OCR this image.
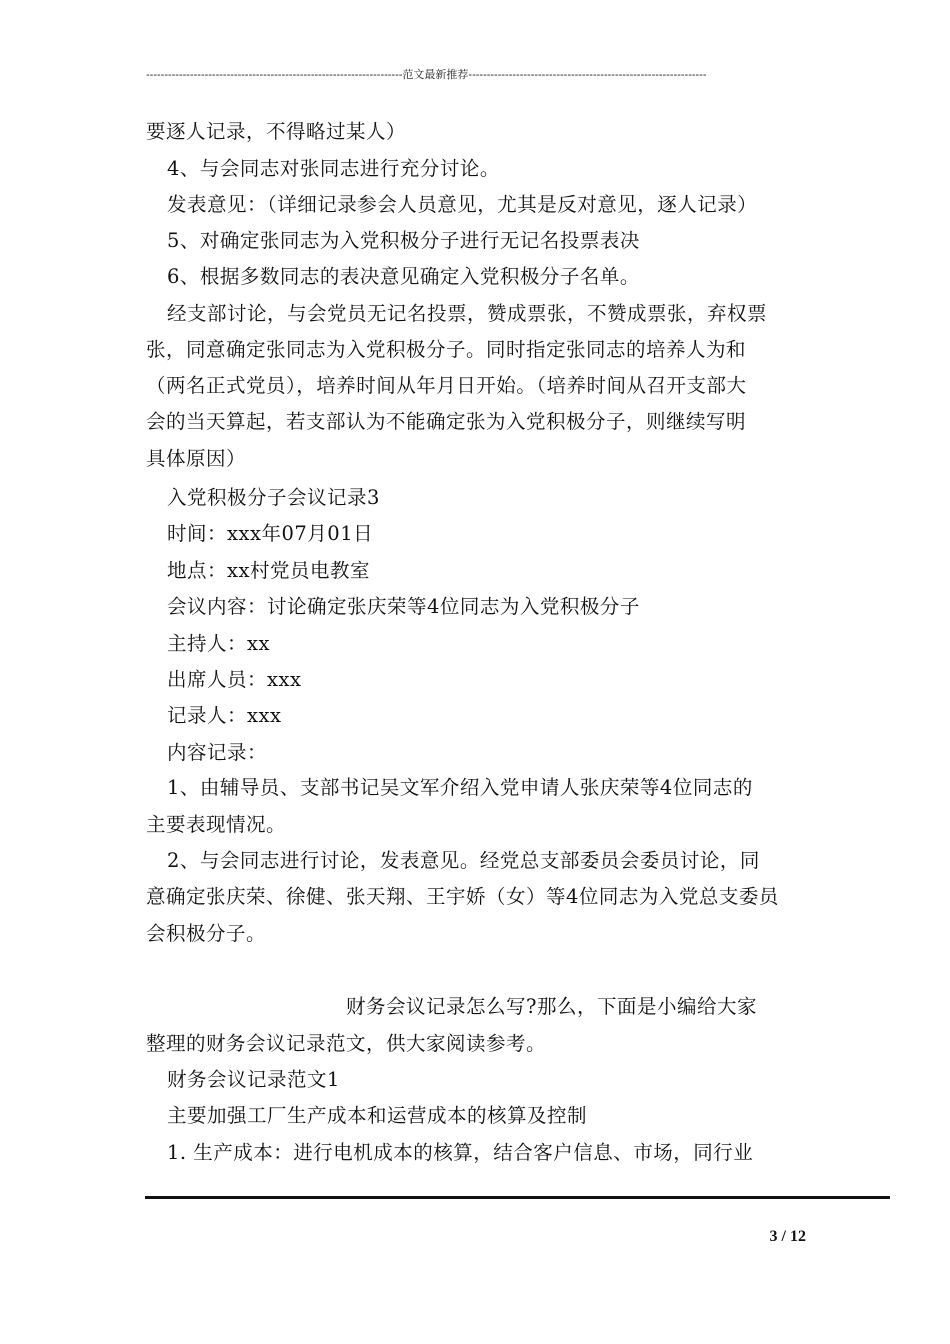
----------------------------------------------------------------------范文最新推荐-----------------------------------------------------------------
要逐人记录，不得略过某人）
4、与会同志对张同志进行充分讨论。
发表意见：（详细记录参会人员意见，尤其是反对意见，逐人记录）
5、对确定张同志为入党积极分子进行无记名投票表决
6、根据多数同志的表决意见确定入党积极分子名单。
经支部讨论，与会党员无记名投票，赞成票张，不赞成票张，弃权票
张，同意确定张同志为入党积极分子。同时指定张同志的培养人为和
（两名正式党员），培养时间从年月日开始。（培养时间从召开支部大
会的当天算起，若支部认为不能确定张为入党积极分子，则继续写明
具体原因）
入党积极分子会议记录3
时间：xxx年07月01日
地点：xx村党员电教室
会议内容：讨论确定张庆荣等4位同志为入党积极分子
主持人：xx
出席人员：xxx
记录人：xxx
内容记录：
1、由辅导员、支部书记吴文军介绍入党申请人张庆荣等4位同志的
主要表现情况。
2、与会同志进行讨论，发表意见。经党总支部委员会委员讨论，同
意确定张庆荣、徐健、张天翔、王宇娇（女）等4位同志为入党总支委员
会积极分子。
财务会议记录怎么写?那么，下面是小编给大家
整理的财务会议记录范文，供大家阅读参考。
财务会议记录范文1
主要加强工厂生产成本和运营成本的核算及控制
1. 生产成本：进行电机成本的核算，结合客户信息、市场，同行业
3 / 12
